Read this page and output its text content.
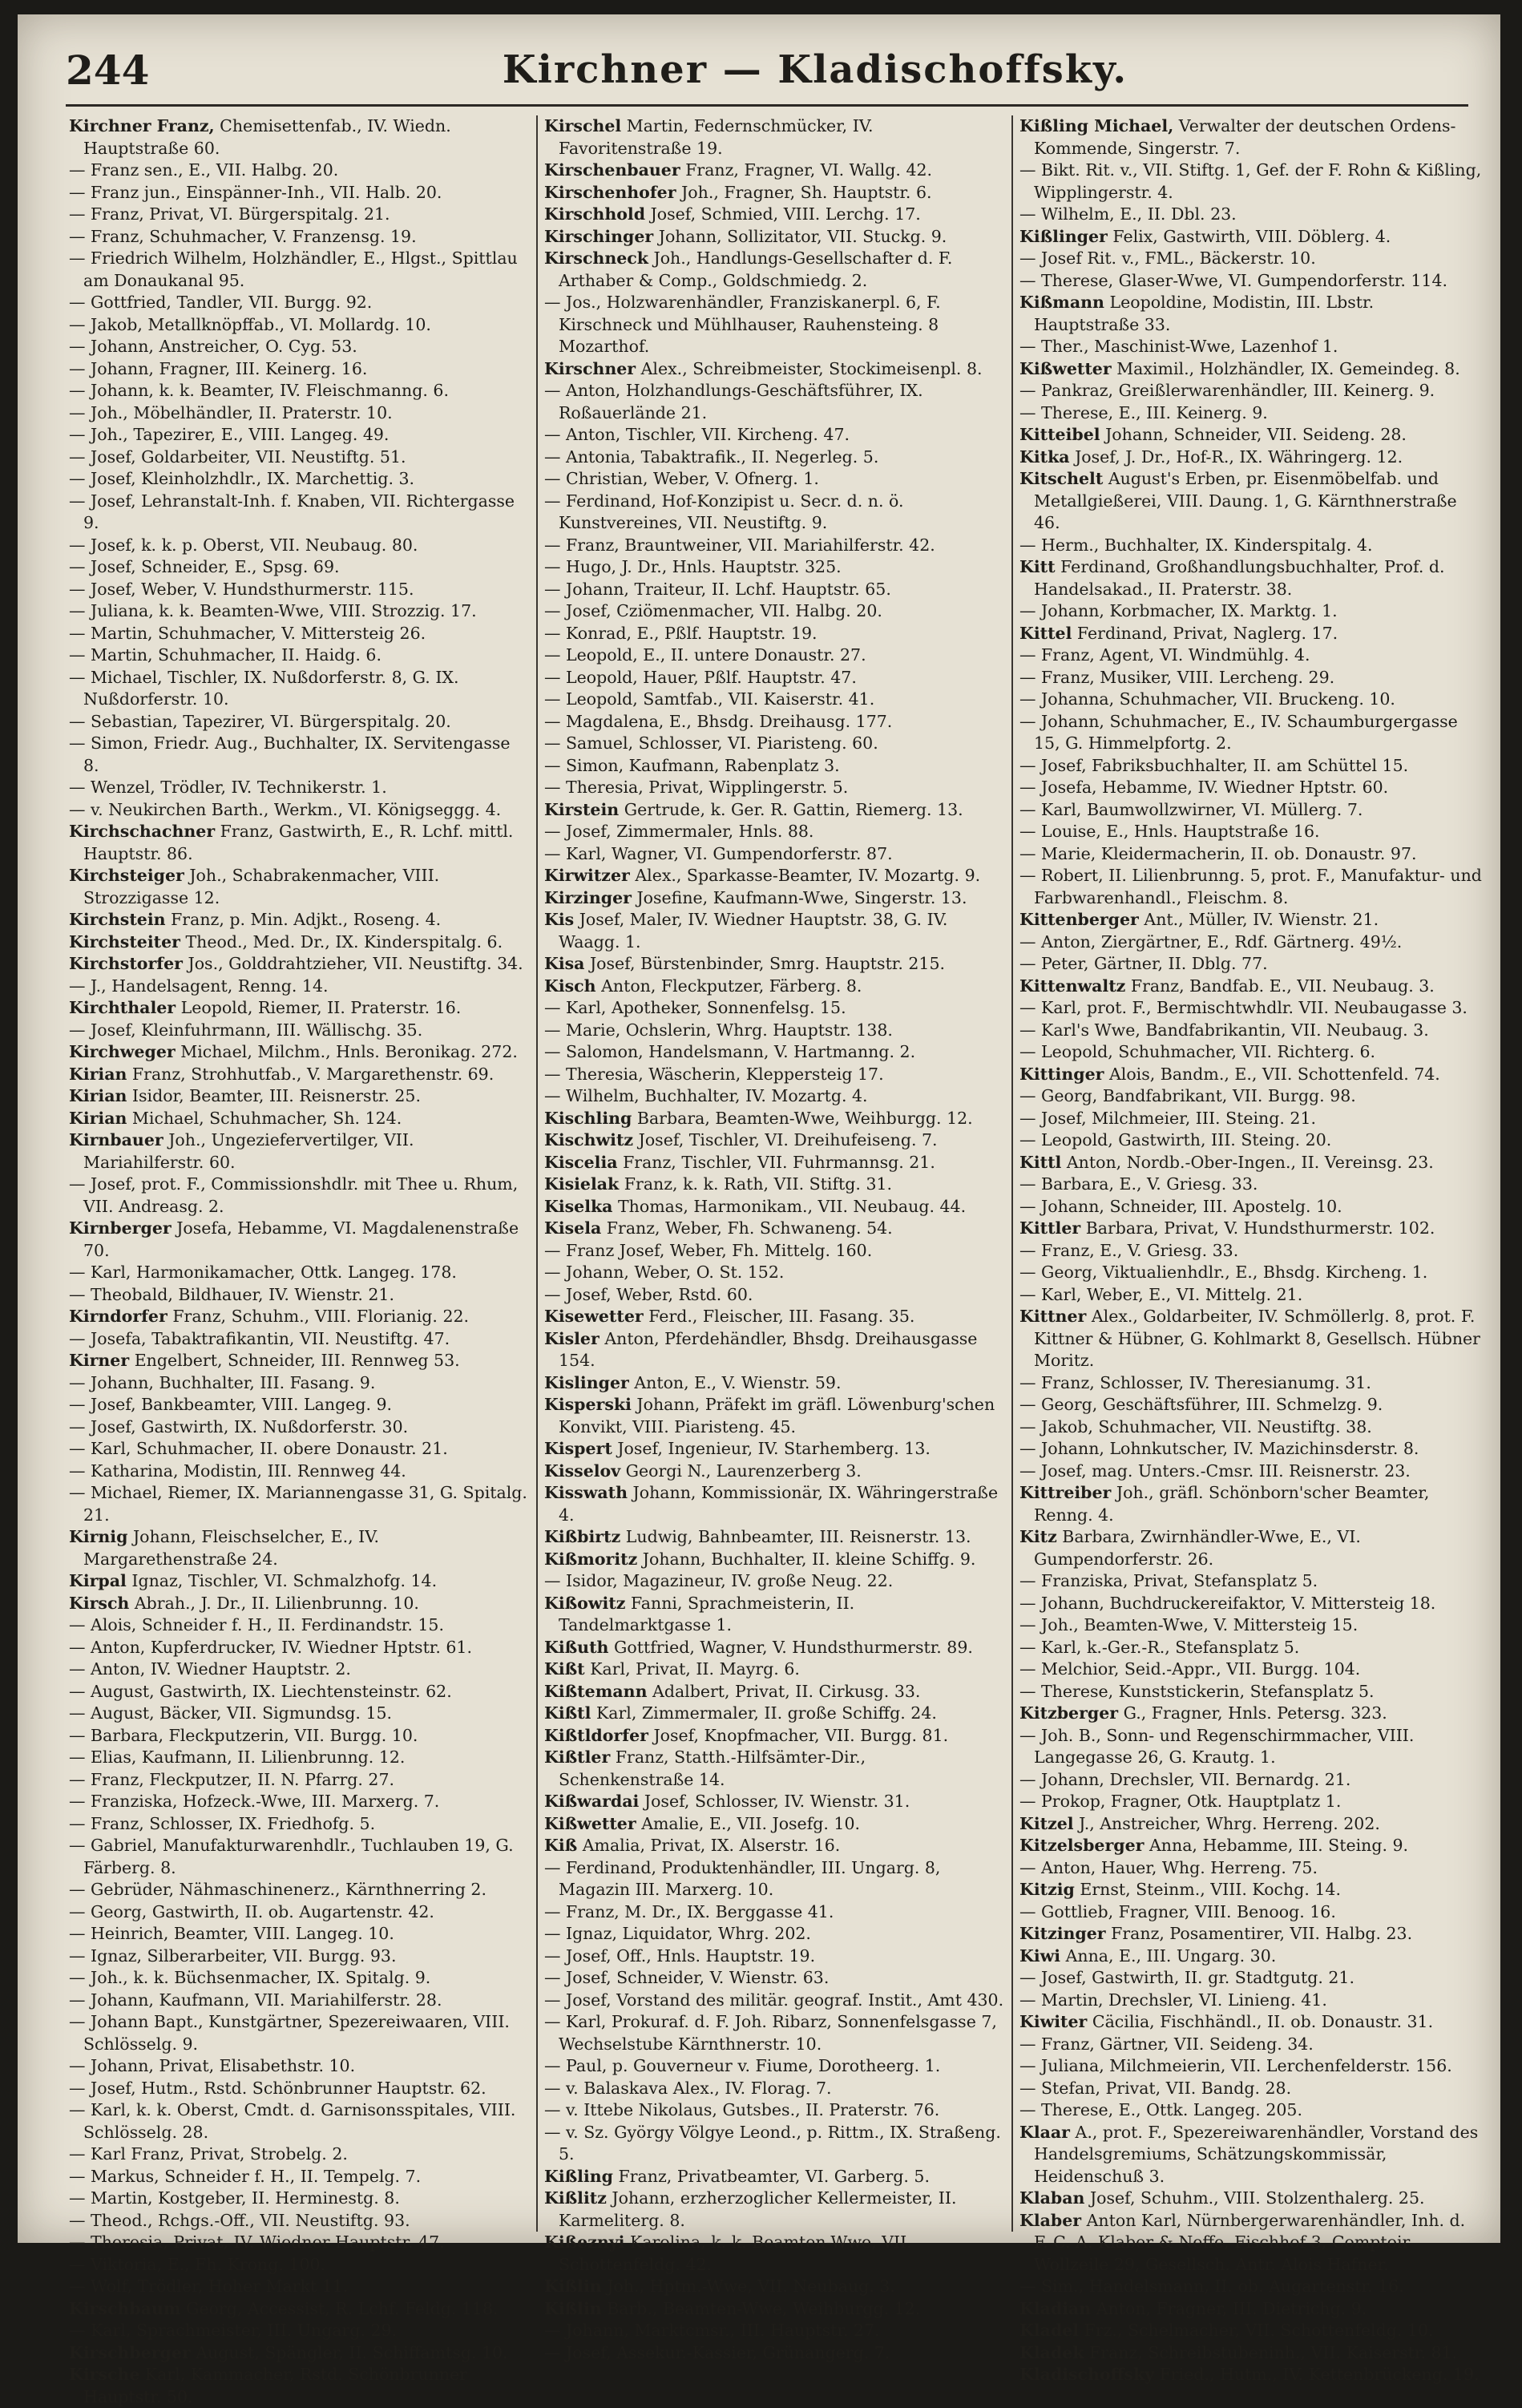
244	Kirchner — Kladischoffsky.
Kirchner Franz, Chemisettenfab., IV. Wiedn. Hauptstraße 60.
— Franz sen., E., VII. Halbg. 20.
— Franz jun., Einspänner-Inh., VII. Halb. 20.
— Franz, Privat, VI. Bürgerspitalg. 21.
— Franz, Schuhmacher, V. Franzensg. 19.
— Friedrich Wilhelm, Holzhändler, E., Hlgst., Spittlau am Donaukanal 95.
— Gottfried, Tandler, VII. Burgg. 92.
— Jakob, Metallknöpffab., VI. Mollardg. 10.
— Johann, Anstreicher, O. Cyg. 53.
— Johann, Fragner, III. Keinerg. 16.
— Johann, k. k. Beamter, IV. Fleischmanng. 6.
— Joh., Möbelhändler, II. Praterstr. 10.
— Joh., Tapezirer, E., VIII. Langeg. 49.
— Josef, Goldarbeiter, VII. Neustiftg. 51.
— Josef, Kleinholzhdlr., IX. Marchettig. 3.
— Josef, Lehranstalt-Inh. f. Knaben, VII. Richtergasse 9.
— Josef, k. k. p. Oberst, VII. Neubaug. 80.
— Josef, Schneider, E., Spsg. 69.
— Josef, Weber, V. Hundsthurmerstr. 115.
— Juliana, k. k. Beamten-Wwe, VIII. Strozzig. 17.
— Martin, Schuhmacher, V. Mittersteig 26.
— Martin, Schuhmacher, II. Haidg. 6.
— Michael, Tischler, IX. Nußdorferstr. 8, G. IX. Nußdorferstr. 10.
— Sebastian, Tapezirer, VI. Bürgerspitalg. 20.
— Simon, Friedr. Aug., Buchhalter, IX. Servitengasse 8.
— Wenzel, Trödler, IV. Technikerstr. 1.
— v. Neukirchen Barth., Werkm., VI. Königseggg. 4.
Kirchschachner Franz, Gastwirth, E., R. Lchf. mittl. Hauptstr. 86.
Kirchsteiger Joh., Schabrakenmacher, VIII. Strozzigasse 12.
Kirchstein Franz, p. Min. Adjkt., Roseng. 4.
Kirchsteiter Theod., Med. Dr., IX. Kinderspitalg. 6.
Kirchstorfer Jos., Golddrahtzieher, VII. Neustiftg. 34.
— J., Handelsagent, Renng. 14.
Kirchthaler Leopold, Riemer, II. Praterstr. 16.
— Josef, Kleinfuhrmann, III. Wällischg. 35.
Kirchweger Michael, Milchm., Hnls. Beronikag. 272.
Kirian Franz, Strohhutfab., V. Margarethenstr. 69.
Kirian Isidor, Beamter, III. Reisnerstr. 25.
Kirian Michael, Schuhmacher, Sh. 124.
Kirnbauer Joh., Ungeziefervertilger, VII. Mariahilferstr. 60.
— Josef, prot. F., Commissionshdlr. mit Thee u. Rhum, VII. Andreasg. 2.
Kirnberger Josefa, Hebamme, VI. Magdalenenstraße 70.
— Karl, Harmonikamacher, Ottk. Langeg. 178.
— Theobald, Bildhauer, IV. Wienstr. 21.
Kirndorfer Franz, Schuhm., VIII. Florianig. 22.
— Josefa, Tabaktrafikantin, VII. Neustiftg. 47.
Kirner Engelbert, Schneider, III. Rennweg 53.
— Johann, Buchhalter, III. Fasang. 9.
— Josef, Bankbeamter, VIII. Langeg. 9.
— Josef, Gastwirth, IX. Nußdorferstr. 30.
— Karl, Schuhmacher, II. obere Donaustr. 21.
— Katharina, Modistin, III. Rennweg 44.
— Michael, Riemer, IX. Mariannengasse 31, G. Spitalg. 21.
Kirnig Johann, Fleischselcher, E., IV. Margarethenstraße 24.
Kirpal Ignaz, Tischler, VI. Schmalzhofg. 14.
Kirsch Abrah., J. Dr., II. Lilienbrunng. 10.
— Alois, Schneider f. H., II. Ferdinandstr. 15.
— Anton, Kupferdrucker, IV. Wiedner Hptstr. 61.
— Anton, IV. Wiedner Hauptstr. 2.
— August, Gastwirth, IX. Liechtensteinstr. 62.
— August, Bäcker, VII. Sigmundsg. 15.
— Barbara, Fleckputzerin, VII. Burgg. 10.
— Elias, Kaufmann, II. Lilienbrunng. 12.
— Franz, Fleckputzer, II. N. Pfarrg. 27.
— Franziska, Hofzeck.-Wwe, III. Marxerg. 7.
— Franz, Schlosser, IX. Friedhofg. 5.
— Gabriel, Manufakturwarenhdlr., Tuchlauben 19, G. Färberg. 8.
— Gebrüder, Nähmaschinenerz., Kärnthnerring 2.
— Georg, Gastwirth, II. ob. Augartenstr. 42.
— Heinrich, Beamter, VIII. Langeg. 10.
— Ignaz, Silberarbeiter, VII. Burgg. 93.
— Joh., k. k. Büchsenmacher, IX. Spitalg. 9.
— Johann, Kaufmann, VII. Mariahilferstr. 28.
— Johann Bapt., Kunstgärtner, Spezereiwaaren, VIII. Schlösselg. 9.
— Johann, Privat, Elisabethstr. 10.
— Josef, Hutm., Rstd. Schönbrunner Hauptstr. 62.
— Karl, k. k. Oberst, Cmdt. d. Garnisonsspitales, VIII. Schlösselg. 28.
— Karl Franz, Privat, Strobelg. 2.
— Markus, Schneider f. H., II. Tempelg. 7.
— Martin, Kostgeber, II. Herminestg. 8.
— Theod., Rchgs.-Off., VII. Neustiftg. 93.
— Theresia, Privat, IV. Wiedner Hauptstr. 47.
— Viktoria, E., Fh. Krong. 100.
— Wolf, Trödler, Hoher Markt 11.
Kirschbaum Georg, Accessist, R. Lchf. Feldg. 118.
— Karl, Sprachmeister, III. Ungarg. 29.
Kirschberger August, Spängler, II. Schiffamtsg. 10.
Kirsche Karl, Kammacher, Rstd. Schönbrunner Hauptstr. 50.
Kirschel Martin, Federnschmücker, IV. Favoritenstraße 19.
Kirschenbauer Franz, Fragner, VI. Wallg. 42.
Kirschenhofer Joh., Fragner, Sh. Hauptstr. 6.
Kirschhold Josef, Schmied, VIII. Lerchg. 17.
Kirschinger Johann, Sollizitator, VII. Stuckg. 9.
Kirschneck Joh., Handlungs-Gesellschafter d. F. Arthaber & Comp., Goldschmiedg. 2.
— Jos., Holzwarenhändler, Franziskanerpl. 6, F. Kirschneck und Mühlhauser, Rauhensteing. 8 Mozarthof.
Kirschner Alex., Schreibmeister, Stockimeisenpl. 8.
— Anton, Holzhandlungs-Geschäftsführer, IX. Roßauerlände 21.
— Anton, Tischler, VII. Kircheng. 47.
— Antonia, Tabaktrafik., II. Negerleg. 5.
— Christian, Weber, V. Ofnerg. 1.
— Ferdinand, Hof-Konzipist u. Secr. d. n. ö. Kunstvereines, VII. Neustiftg. 9.
— Franz, Brauntweiner, VII. Mariahilferstr. 42.
— Hugo, J. Dr., Hnls. Hauptstr. 325.
— Johann, Traiteur, II. Lchf. Hauptstr. 65.
— Josef, Cziömenmacher, VII. Halbg. 20.
— Konrad, E., Pßlf. Hauptstr. 19.
— Leopold, E., II. untere Donaustr. 27.
— Leopold, Hauer, Pßlf. Hauptstr. 47.
— Leopold, Samtfab., VII. Kaiserstr. 41.
— Magdalena, E., Bhsdg. Dreihausg. 177.
— Samuel, Schlosser, VI. Piaristeng. 60.
— Simon, Kaufmann, Rabenplatz 3.
— Theresia, Privat, Wipplingerstr. 5.
Kirstein Gertrude, k. Ger. R. Gattin, Riemerg. 13.
— Josef, Zimmermaler, Hnls. 88.
— Karl, Wagner, VI. Gumpendorferstr. 87.
Kirwitzer Alex., Sparkasse-Beamter, IV. Mozartg. 9.
Kirzinger Josefine, Kaufmann-Wwe, Singerstr. 13.
Kis Josef, Maler, IV. Wiedner Hauptstr. 38, G. IV. Waagg. 1.
Kisa Josef, Bürstenbinder, Smrg. Hauptstr. 215.
Kisch Anton, Fleckputzer, Färberg. 8.
— Karl, Apotheker, Sonnenfelsg. 15.
— Marie, Ochslerin, Whrg. Hauptstr. 138.
— Salomon, Handelsmann, V. Hartmanng. 2.
— Theresia, Wäscherin, Kleppersteig 17.
— Wilhelm, Buchhalter, IV. Mozartg. 4.
Kischling Barbara, Beamten-Wwe, Weihburgg. 12.
Kischwitz Josef, Tischler, VI. Dreihufeiseng. 7.
Kiscelia Franz, Tischler, VII. Fuhrmannsg. 21.
Kisielak Franz, k. k. Rath, VII. Stiftg. 31.
Kiselka Thomas, Harmonikam., VII. Neubaug. 44.
Kisela Franz, Weber, Fh. Schwaneng. 54.
— Franz Josef, Weber, Fh. Mittelg. 160.
— Johann, Weber, O. St. 152.
— Josef, Weber, Rstd. 60.
Kisewetter Ferd., Fleischer, III. Fasang. 35.
Kisler Anton, Pferdehändler, Bhsdg. Dreihausgasse 154.
Kislinger Anton, E., V. Wienstr. 59.
Kisperski Johann, Präfekt im gräfl. Löwenburg'schen Konvikt, VIII. Piaristeng. 45.
Kispert Josef, Ingenieur, IV. Starhemberg. 13.
Kisselov Georgi N., Laurenzerberg 3.
Kisswath Johann, Kommissionär, IX. Währingerstraße 4.
Kißbirtz Ludwig, Bahnbeamter, III. Reisnerstr. 13.
Kißmoritz Johann, Buchhalter, II. kleine Schiffg. 9.
— Isidor, Magazineur, IV. große Neug. 22.
Kißowitz Fanni, Sprachmeisterin, II. Tandelmarktgasse 1.
Kißuth Gottfried, Wagner, V. Hundsthurmerstr. 89.
Kißt Karl, Privat, II. Mayrg. 6.
Kißtemann Adalbert, Privat, II. Cirkusg. 33.
Kißtl Karl, Zimmermaler, II. große Schiffg. 24.
Kißtldorfer Josef, Knopfmacher, VII. Burgg. 81.
Kißtler Franz, Statth.-Hilfsämter-Dir., Schenkenstraße 14.
Kißwardai Josef, Schlosser, IV. Wienstr. 31.
Kißwetter Amalie, E., VII. Josefg. 10.
Kiß Amalia, Privat, IX. Alserstr. 16.
— Ferdinand, Produktenhändler, III. Ungarg. 8, Magazin III. Marxerg. 10.
— Franz, M. Dr., IX. Berggasse 41.
— Ignaz, Liquidator, Whrg. 202.
— Josef, Off., Hnls. Hauptstr. 19.
— Josef, Schneider, V. Wienstr. 63.
— Josef, Vorstand des militär. geograf. Instit., Amt 430.
— Karl, Prokuraf. d. F. Joh. Ribarz, Sonnenfelsgasse 7, Wechselstube Kärnthnerstr. 10.
— Paul, p. Gouverneur v. Fiume, Dorotheerg. 1.
— v. Balaskava Alex., IV. Florag. 7.
— v. Ittebe Nikolaus, Gutsbes., II. Praterstr. 76.
— v. Sz. György Völgye Leond., p. Rittm., IX. Straßeng. 5.
Kißling Franz, Privatbeamter, VI. Garberg. 5.
Kißlitz Johann, erzherzoglicher Kellermeister, II. Karmeliterg. 8.
Kißeznyi Karolina, k. k. Beamten-Wwe, VII. Schottenfeldg. 42.
Kißlin Joh., Hptm.-Wwe, VII. Neubaug. 3.
Kißlin Barb., Beamten-Wwe, Weihburgg. 12.
— Johann, Marktcmsr., III. Hauptstr. 27.
— Josef, Assekur.-Kassier, Grünangerg. 7.
Kißling Michael, Verwalter der deutschen Ordens-Kommende, Singerstr. 7.
— Bikt. Rit. v., VII. Stiftg. 1, Gef. der F. Rohn & Kißling, Wipplingerstr. 4.
— Wilhelm, E., II. Dbl. 23.
Kißlinger Felix, Gastwirth, VIII. Döblerg. 4.
— Josef Rit. v., FML., Bäckerstr. 10.
— Therese, Glaser-Wwe, VI. Gumpendorferstr. 114.
Kißmann Leopoldine, Modistin, III. Lbstr. Hauptstraße 33.
— Ther., Maschinist-Wwe, Lazenhof 1.
Kißwetter Maximil., Holzhändler, IX. Gemeindeg. 8.
— Pankraz, Greißlerwarenhändler, III. Keinerg. 9.
— Therese, E., III. Keinerg. 9.
Kitteibel Johann, Schneider, VII. Seideng. 28.
Kitka Josef, J. Dr., Hof-R., IX. Währingerg. 12.
Kitschelt August's Erben, pr. Eisenmöbelfab. und Metallgießerei, VIII. Daung. 1, G. Kärnthnerstraße 46.
— Herm., Buchhalter, IX. Kinderspitalg. 4.
Kitt Ferdinand, Großhandlungsbuchhalter, Prof. d. Handelsakad., II. Praterstr. 38.
— Johann, Korbmacher, IX. Marktg. 1.
Kittel Ferdinand, Privat, Naglerg. 17.
— Franz, Agent, VI. Windmühlg. 4.
— Franz, Musiker, VIII. Lercheng. 29.
— Johanna, Schuhmacher, VII. Bruckeng. 10.
— Johann, Schuhmacher, E., IV. Schaumburgergasse 15, G. Himmelpfortg. 2.
— Josef, Fabriksbuchhalter, II. am Schüttel 15.
— Josefa, Hebamme, IV. Wiedner Hptstr. 60.
— Karl, Baumwollzwirner, VI. Müllerg. 7.
— Louise, E., Hnls. Hauptstraße 16.
— Marie, Kleidermacherin, II. ob. Donaustr. 97.
— Robert, II. Lilienbrunng. 5, prot. F., Manufaktur- und Farbwarenhandl., Fleischm. 8.
Kittenberger Ant., Müller, IV. Wienstr. 21.
— Anton, Ziergärtner, E., Rdf. Gärtnerg. 49½.
— Peter, Gärtner, II. Dblg. 77.
Kittenwaltz Franz, Bandfab. E., VII. Neubaug. 3.
— Karl, prot. F., Bermischtwhdlr. VII. Neubaugasse 3.
— Karl's Wwe, Bandfabrikantin, VII. Neubaug. 3.
— Leopold, Schuhmacher, VII. Richterg. 6.
Kittinger Alois, Bandm., E., VII. Schottenfeld. 74.
— Georg, Bandfabrikant, VII. Burgg. 98.
— Josef, Milchmeier, III. Steing. 21.
— Leopold, Gastwirth, III. Steing. 20.
Kittl Anton, Nordb.-Ober-Ingen., II. Vereinsg. 23.
— Barbara, E., V. Griesg. 33.
— Johann, Schneider, III. Apostelg. 10.
Kittler Barbara, Privat, V. Hundsthurmerstr. 102.
— Franz, E., V. Griesg. 33.
— Georg, Viktualienhdlr., E., Bhsdg. Kircheng. 1.
— Karl, Weber, E., VI. Mittelg. 21.
Kittner Alex., Goldarbeiter, IV. Schmöllerlg. 8, prot. F. Kittner & Hübner, G. Kohlmarkt 8, Gesellsch. Hübner Moritz.
— Franz, Schlosser, IV. Theresianumg. 31.
— Georg, Geschäftsführer, III. Schmelzg. 9.
— Jakob, Schuhmacher, VII. Neustiftg. 38.
— Johann, Lohnkutscher, IV. Mazichinsderstr. 8.
— Josef, mag. Unters.-Cmsr. III. Reisnerstr. 23.
Kittreiber Joh., gräfl. Schönborn'scher Beamter, Renng. 4.
Kitz Barbara, Zwirnhändler-Wwe, E., VI. Gumpendorferstr. 26.
— Franziska, Privat, Stefansplatz 5.
— Johann, Buchdruckereifaktor, V. Mittersteig 18.
— Joh., Beamten-Wwe, V. Mittersteig 15.
— Karl, k.-Ger.-R., Stefansplatz 5.
— Melchior, Seid.-Appr., VII. Burgg. 104.
— Therese, Kunststickerin, Stefansplatz 5.
Kitzberger G., Fragner, Hnls. Petersg. 323.
— Joh. B., Sonn- und Regenschirmmacher, VIII. Langegasse 26, G. Krautg. 1.
— Johann, Drechsler, VII. Bernardg. 21.
— Prokop, Fragner, Otk. Hauptplatz 1.
Kitzel J., Anstreicher, Whrg. Herreng. 202.
Kitzelsberger Anna, Hebamme, III. Steing. 9.
— Anton, Hauer, Whg. Herreng. 75.
Kitzig Ernst, Steinm., VIII. Kochg. 14.
— Gottlieb, Fragner, VIII. Benoog. 16.
Kitzinger Franz, Posamentirer, VII. Halbg. 23.
Kiwi Anna, E., III. Ungarg. 30.
— Josef, Gastwirth, II. gr. Stadtgutg. 21.
— Martin, Drechsler, VI. Linieng. 41.
Kiwiter Cäcilia, Fischhändl., II. ob. Donaustr. 31.
— Franz, Gärtner, VII. Seideng. 34.
— Juliana, Milchmeierin, VII. Lerchenfelderstr. 156.
— Stefan, Privat, VII. Bandg. 28.
— Therese, E., Ottk. Langeg. 205.
Klaar A., prot. F., Spezereiwarenhändler, Vorstand des Handelsgremiums, Schätzungskommissär, Heidenschuß 3.
Klaban Josef, Schuhm., VIII. Stolzenthalerg. 25.
Klaber Anton Karl, Nürnbergerwarenhändler, Inh. d. F. C. A. Klaber & Neffe, Fischhof 3, Comptoir Wollzeile 29, Gesellsch. Antr. Alois Hafner.
— Sim., Handelsmann, II. ob. Augartenstr. 16.
Kladian Anton, Fragner, III. Dietrichg. 9.
Kladel Frz., Schelmacher, VII. Schottenfeldg. 10.
Kladek Franz, Schreibstubeninh., VII. Kaiserstr. 81.
Kladischoffsky Fried., Hutm., IV. Kettenbrückeng. 19.
